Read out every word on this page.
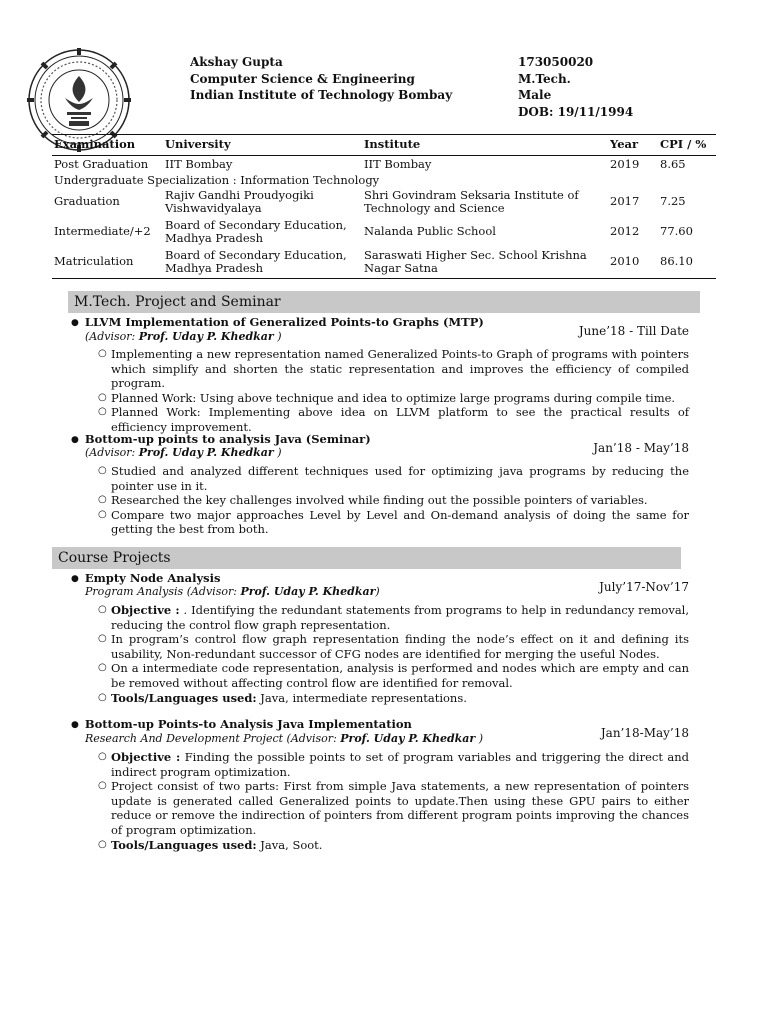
Akshay Gupta
Computer Science & Engineering
Indian Institute of Technology Bombay
173050020
M.Tech.
Male
DOB: 19/11/1994
Examination	University	Institute	Year	CPI / %
Post Graduation	IIT Bombay	IIT Bombay	2019	8.65
Undergraduate Specialization : Information Technology				
Graduation	Rajiv Gandhi Proudyogiki Vishwavidyalaya	Shri Govindram Seksaria Institute of Technology and Science	2017	7.25
Intermediate/+2	Board of Secondary Education, Madhya Pradesh	Nalanda Public School	2012	77.60
Matriculation	Board of Secondary Education, Madhya Pradesh	Saraswati Higher Sec. School Krishna Nagar Satna	2010	86.10
M.Tech. Project and Seminar
● LLVM Implementation of Generalized Points-to Graphs (MTP)
(Advisor: Prof. Uday P. Khedkar )	June’18 - Till Date
○ Implementing a new representation named Generalized Points-to Graph of programs with pointers which simplify and shorten the static representation and improves the efficiency of compiled program.
○ Planned Work: Using above technique and idea to optimize large programs during compile time.
○ Planned Work: Implementing above idea on LLVM platform to see the practical results of efficiency improvement.
● Bottom-up points to analysis Java (Seminar)
(Advisor: Prof. Uday P. Khedkar )	Jan’18 - May’18
○ Studied and analyzed different techniques used for optimizing java programs by reducing the pointer use in it.
○ Researched the key challenges involved while finding out the possible pointers of variables.
○ Compare two major approaches Level by Level and On-demand analysis of doing the same for getting the best from both.
Course Projects
● Empty Node Analysis
Program Analysis (Advisor: Prof. Uday P. Khedkar)	July’17-Nov’17
○ Objective : . Identifying the redundant statements from programs to help in redundancy removal, reducing the control flow graph representation.
○ In program’s control flow graph representation finding the node’s effect on it and defining its usability, Non-redundant successor of CFG nodes are identified for merging the useful Nodes.
○ On a intermediate code representation, analysis is performed and nodes which are empty and can be removed without affecting control flow are identified for removal.
○ Tools/Languages used: Java, intermediate representations.
● Bottom-up Points-to Analysis Java Implementation
Research And Development Project (Advisor: Prof. Uday P. Khedkar )	Jan’18-May’18
○ Objective : Finding the possible points to set of program variables and triggering the direct and indirect program optimization.
○ Project consist of two parts: First from simple Java statements, a new representation of pointers update is generated called Generalized points to update.Then using these GPU pairs to either reduce or remove the indirection of pointers from different program points improving the chances of program optimization.
○ Tools/Languages used: Java, Soot.
